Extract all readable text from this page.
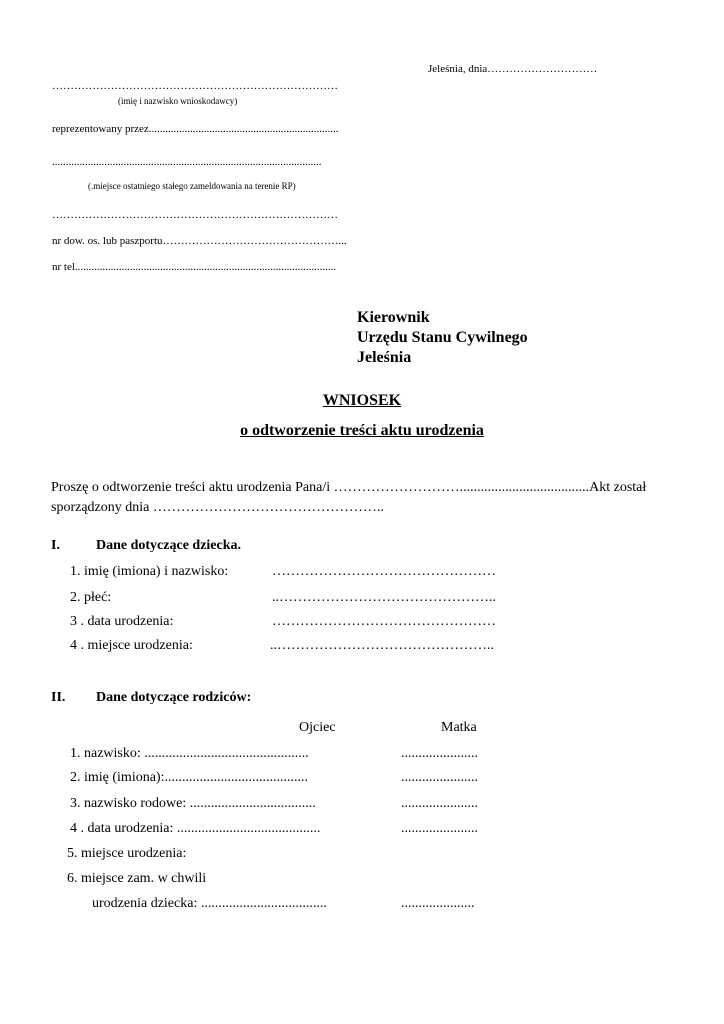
Jeleśnia, dnia…………………………
……………………………………………………………………
(imię i nazwisko wnioskodawcy)
reprezentowany przez.....................................................................
..................................................................................................
(.miejsce ostatniego stałego zameldowania na terenie RP)
……………………………………………………………………
nr dow. os. lub paszportu…………………………………………...
nr tel...............................................................................................
Kierownik
Urzędu Stanu Cywilnego
Jeleśnia
WNIOSEK
o odtworzenie treści aktu urodzenia
Proszę o odtworzenie treści aktu urodzenia Pana/i ……………………….....................................Akt został
sporządzony dnia …………………………………………..
I.	Dane dotyczące dziecka.
1. imię (imiona) i nazwisko:	…………………………………………
2. płeć:	..………………………………………..
3 . data urodzenia:	…………………………………………
4 . miejsce urodzenia:	..………………………………………..
II. Dane dotyczące rodziców:
Ojciec	Matka
1. nazwisko: ...............................................	......................
2. imię (imiona):.........................................	......................
3. nazwisko rodowe: ....................................	......................
4 . data urodzenia: .........................................	......................
5. miejsce urodzenia:
6. miejsce zam. w chwili
urodzenia dziecka: ....................................	.....................
